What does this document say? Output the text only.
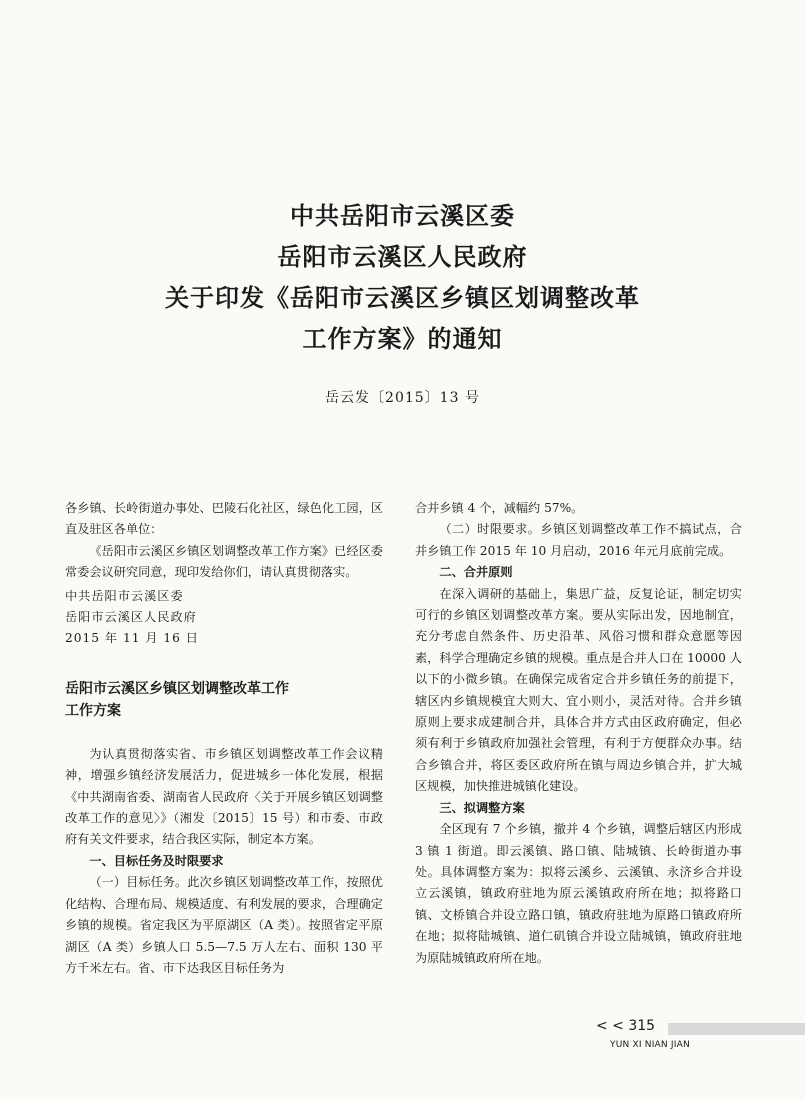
中共岳阳市云溪区委
岳阳市云溪区人民政府
关于印发《岳阳市云溪区乡镇区划调整改革
工作方案》的通知
岳云发〔2015〕13 号

各乡镇、长岭街道办事处、巴陵石化社区，绿色化工园，区直及驻区各单位：

《岳阳市云溪区乡镇区划调整改革工作方案》已经区委常委会议研究同意，现印发给你们，请认真贯彻落实。

中共岳阳市云溪区委

岳阳市云溪区人民政府

2015 年 11 月 16 日

岳阳市云溪区乡镇区划调整改革工作

工作方案

为认真贯彻落实省、市乡镇区划调整改革工作会议精神，增强乡镇经济发展活力，促进城乡一体化发展，根据《中共湖南省委、湖南省人民政府〈关于开展乡镇区划调整改革工作的意见〉》（湘发〔2015〕15 号）和市委、市政府有关文件要求，结合我区实际，制定本方案。

一、目标任务及时限要求

（一）目标任务。此次乡镇区划调整改革工作，按照优化结构、合理布局、规模适度、有利发展的要求，合理确定乡镇的规模。省定我区为平原湖区（A 类）。按照省定平原湖区（A 类）乡镇人口 5.5—7.5 万人左右、面积 130 平方千米左右。省、市下达我区目标任务为

合并乡镇 4 个，减幅约 57%。

（二）时限要求。乡镇区划调整改革工作不搞试点，合并乡镇工作 2015 年 10 月启动，2016 年元月底前完成。

二、合并原则

在深入调研的基础上，集思广益，反复论证，制定切实可行的乡镇区划调整改革方案。要从实际出发，因地制宜，充分考虑自然条件、历史沿革、风俗习惯和群众意愿等因素，科学合理确定乡镇的规模。重点是合并人口在 10000 人以下的小微乡镇。在确保完成省定合并乡镇任务的前提下，辖区内乡镇规模宜大则大、宜小则小，灵活对待。合并乡镇原则上要求成建制合并，具体合并方式由区政府确定，但必须有利于乡镇政府加强社会管理，有利于方便群众办事。结合乡镇合并，将区委区政府所在镇与周边乡镇合并，扩大城区规模，加快推进城镇化建设。

三、拟调整方案

全区现有 7 个乡镇，撤并 4 个乡镇，调整后辖区内形成 3 镇 1 街道。即云溪镇、路口镇、陆城镇、长岭街道办事处。具体调整方案为：拟将云溪乡、云溪镇、永济乡合并设立云溪镇，镇政府驻地为原云溪镇政府所在地；拟将路口镇、文桥镇合并设立路口镇，镇政府驻地为原路口镇政府所在地；拟将陆城镇、道仁矶镇合并设立陆城镇，镇政府驻地为原陆城镇政府所在地。

< < 315
YUN XI NIAN JIAN
